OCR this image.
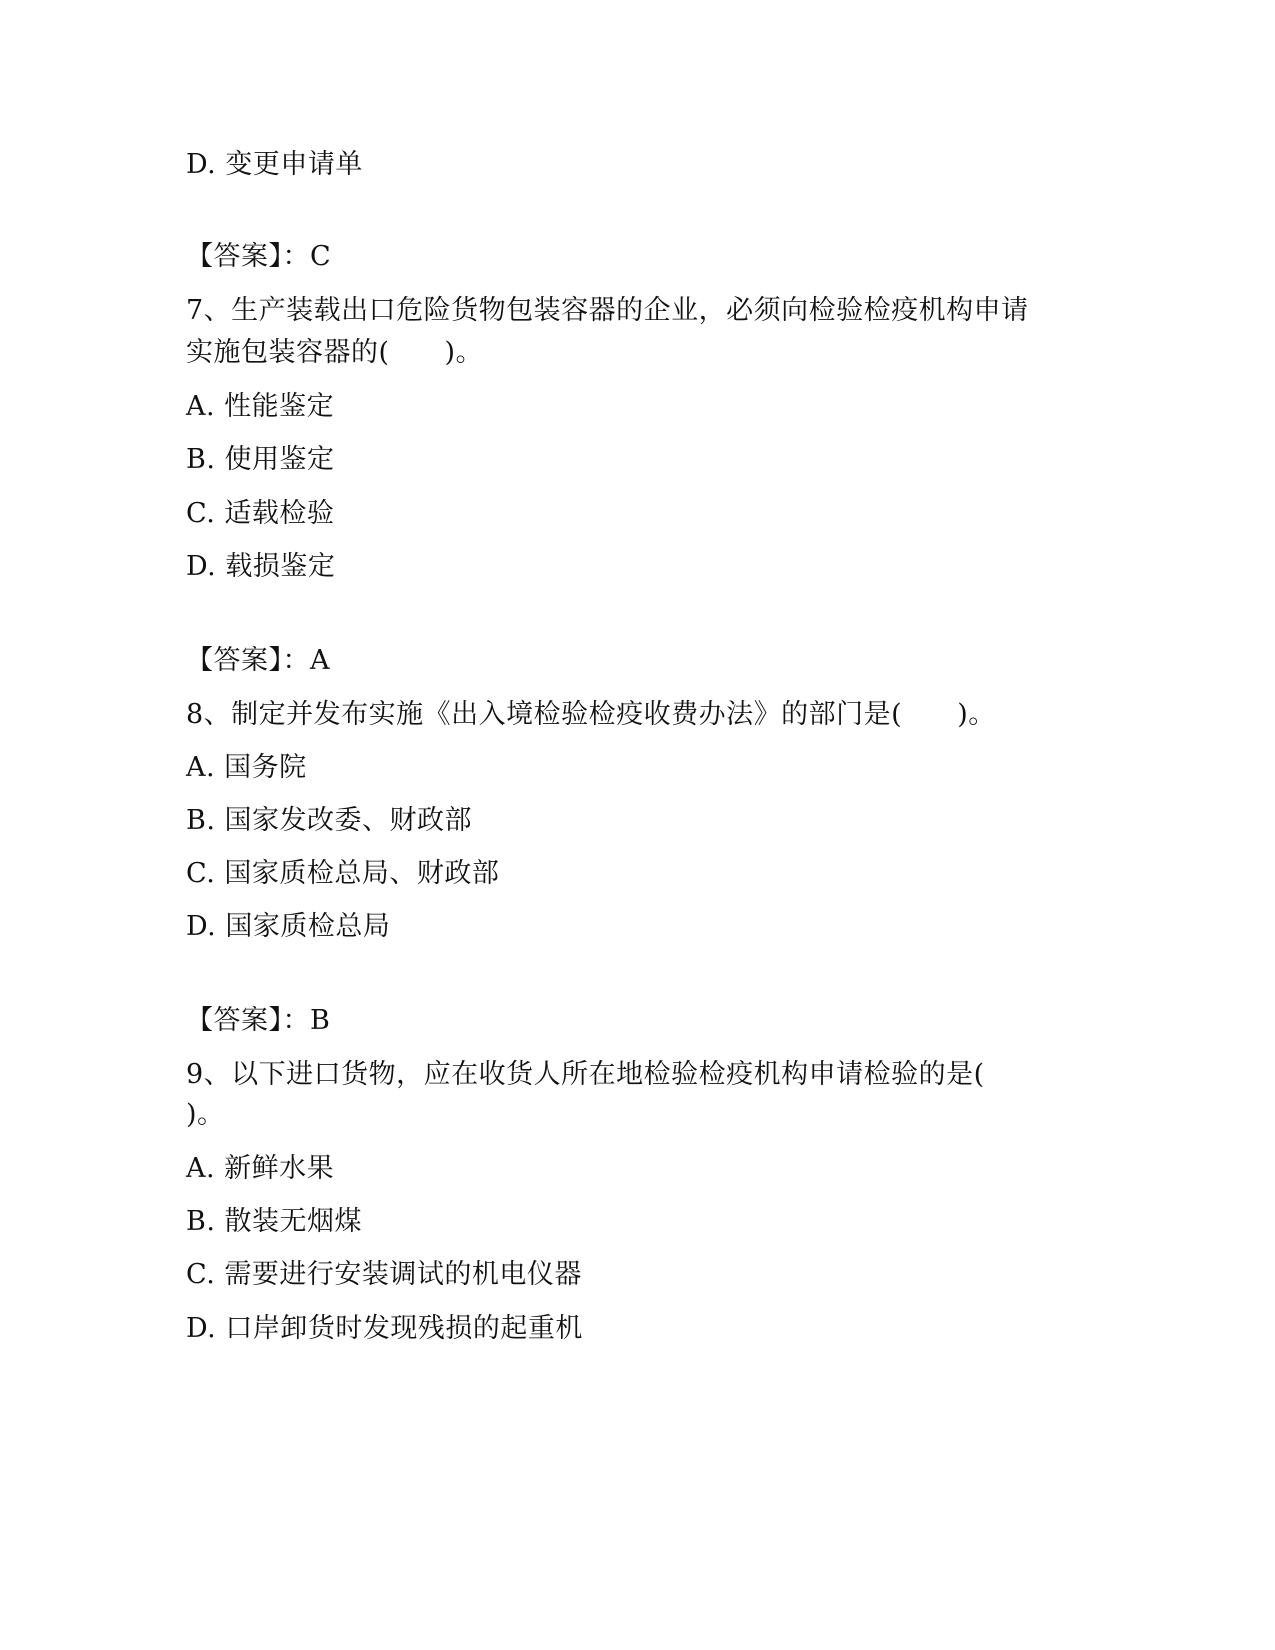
D. 变更申请单
【答案】：C
7、生产装载出口危险货物包装容器的企业，必须向检验检疫机构申请
实施包装容器的(　　)。
A. 性能鉴定
B. 使用鉴定
C. 适载检验
D. 载损鉴定
【答案】：A
8、制定并发布实施《出入境检验检疫收费办法》的部门是(　　)。
A. 国务院
B. 国家发改委、财政部
C. 国家质检总局、财政部
D. 国家质检总局
【答案】：B
9、以下进口货物，应在收货人所在地检验检疫机构申请检验的是(
)。
A. 新鲜水果
B. 散装无烟煤
C. 需要进行安装调试的机电仪器
D. 口岸卸货时发现残损的起重机
